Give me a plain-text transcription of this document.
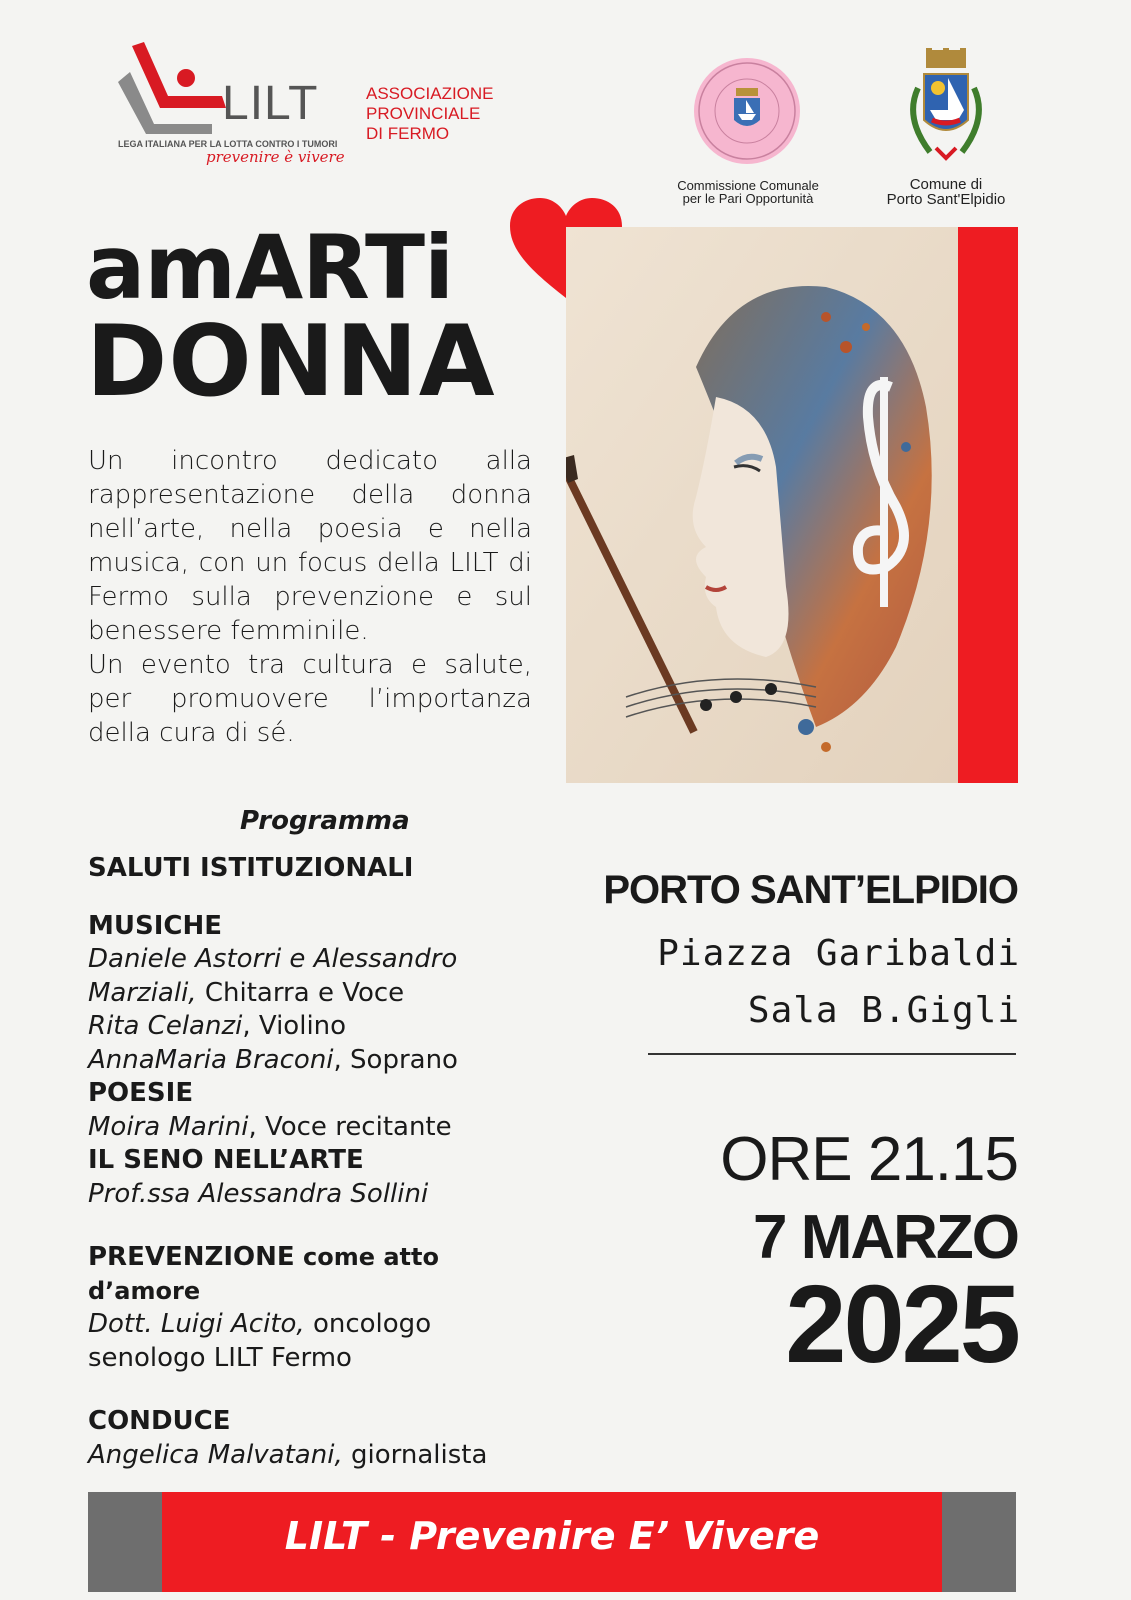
LILT
LEGA ITALIANA PER LA LOTTA CONTRO I TUMORI
prevenire è vivere
ASSOCIAZIONE
PROVINCIALE
DI FERMO
Commissione Comunale
per le Pari Opportunità
Comune di
Porto Sant'Elpidio
amARTi
DONNA

Un incontro dedicato alla rappresentazione della donna nell’arte, nella poesia e nella musica, con un focus della LILT di Fermo sulla prevenzione e sul benessere femminile.

Un evento tra cultura e salute, per promuovere l’importanza della cura di sé.

Programma
SALUTI ISTITUZIONALI
MUSICHE
Daniele Astorri e Alessandro
Marziali, Chitarra e Voce
Rita Celanzi, Violino
AnnaMaria Braconi, Soprano
POESIE
Moira Marini, Voce recitante
IL SENO NELL’ARTE
Prof.ssa Alessandra Sollini
PREVENZIONE come atto
d’amore
Dott. Luigi Acito, oncologo
senologo LILT Fermo
CONDUCE
Angelica Malvatani, giornalista
PORTO SANT’ELPIDIO
Piazza Garibaldi
Sala B.Gigli
ORE 21.15
7 MARZO
2025
LILT - Prevenire E’ Vivere
